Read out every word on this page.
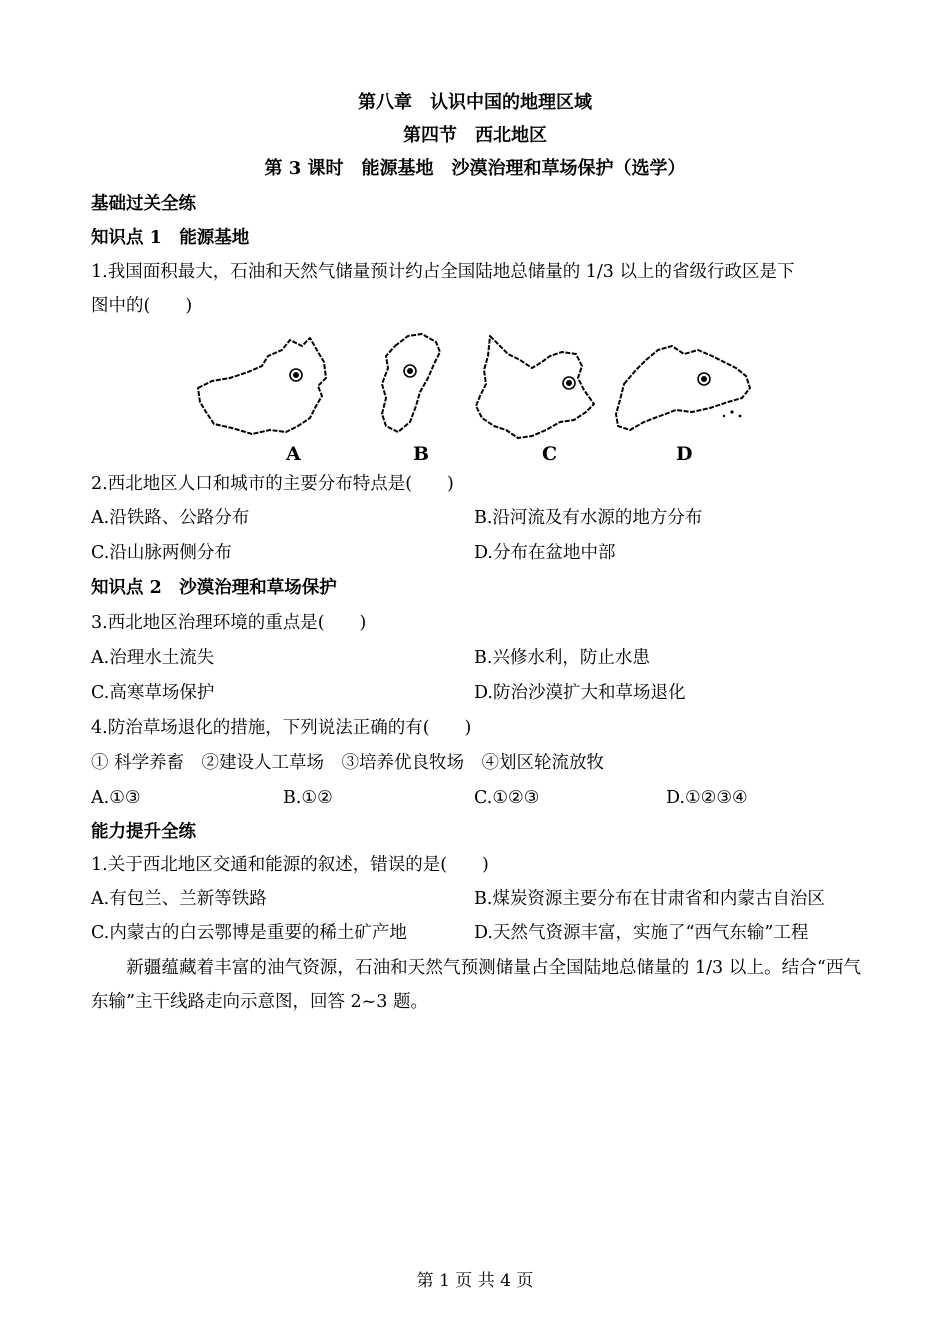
第八章　认识中国的地理区域
第四节　西北地区
第 3 课时　能源基地　沙漠治理和草场保护（选学）
基础过关全练
知识点 1　能源基地
1.我国面积最大，石油和天然气储量预计约占全国陆地总储量的 1/3 以上的省级行政区是下
图中的(　　)
A	B	C	D
2.西北地区人口和城市的主要分布特点是(　　)
A.沿铁路、公路分布	B.沿河流及有水源的地方分布
C.沿山脉两侧分布	D.分布在盆地中部
知识点 2　沙漠治理和草场保护
3.西北地区治理环境的重点是(　　)
A.治理水土流失	B.兴修水利，防止水患
C.高寒草场保护	D.防治沙漠扩大和草场退化
4.防治草场退化的措施，下列说法正确的有(　　)
① 科学养畜　②建设人工草场　③培养优良牧场　④划区轮流放牧
A.①③	B.①②	C.①②③	D.①②③④
能力提升全练
1.关于西北地区交通和能源的叙述，错误的是(　　)
A.有包兰、兰新等铁路	B.煤炭资源主要分布在甘肃省和内蒙古自治区
C.内蒙古的白云鄂博是重要的稀土矿产地	D.天然气资源丰富，实施了“西气东输”工程
　　新疆蕴藏着丰富的油气资源，石油和天然气预测储量占全国陆地总储量的 1/3 以上。结合“西气东输”主干线路走向示意图，回答 2~3 题。
第 1 页 共 4 页
